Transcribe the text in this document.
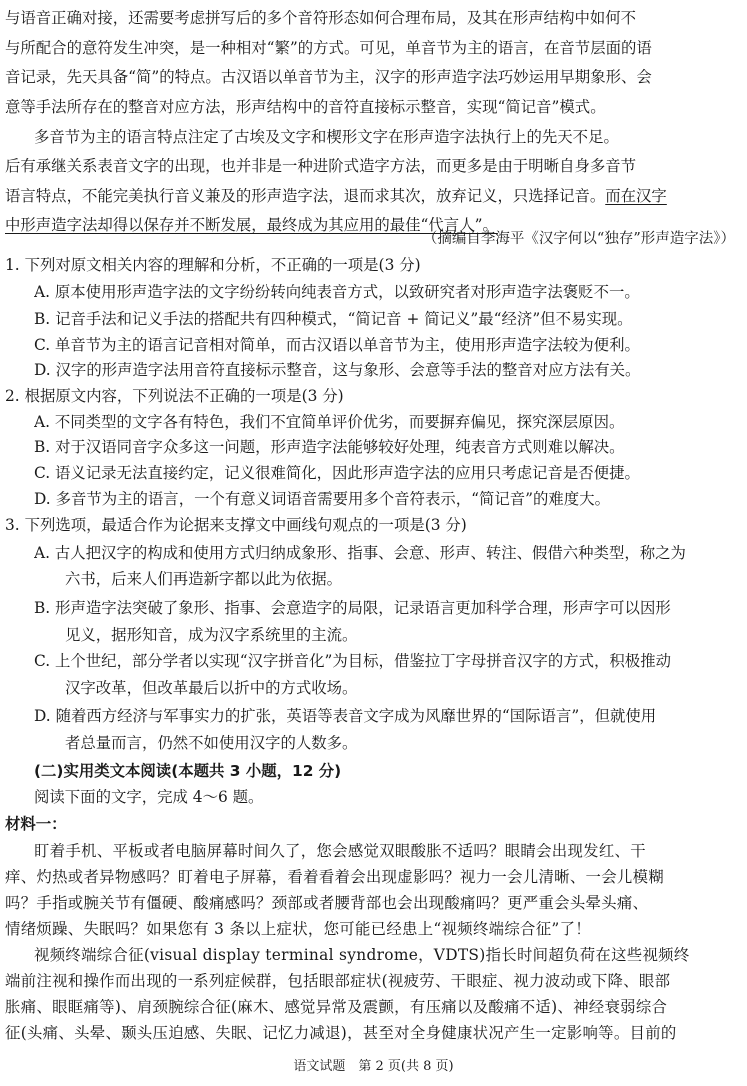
与语音正确对接，还需要考虑拼写后的多个音符形态如何合理布局，及其在形声结构中如何不
与所配合的意符发生冲突，是一种相对“繁”的方式。可见，单音节为主的语言，在音节层面的语
音记录，先天具备“简”的特点。古汉语以单音节为主，汉字的形声造字法巧妙运用早期象形、会
意等手法所存在的整音对应方法，形声结构中的音符直接标示整音，实现“简记音”模式。
多音节为主的语言特点注定了古埃及文字和楔形文字在形声造字法执行上的先天不足。
后有承继关系表音文字的出现，也并非是一种进阶式造字方法，而更多是由于明晰自身多音节
语言特点，不能完美执行音义兼及的形声造字法，退而求其次，放弃记义，只选择记音。而在汉字
中形声造字法却得以保存并不断发展，最终成为其应用的最佳“代言人”。
（摘编自李海平《汉字何以“独存”形声造字法》）
1. 下列对原文相关内容的理解和分析，不正确的一项是(3 分)
A. 原本使用形声造字法的文字纷纷转向纯表音方式，以致研究者对形声造字法褒贬不一。
B. 记音手法和记义手法的搭配共有四种模式，“简记音 + 简记义”最“经济”但不易实现。
C. 单音节为主的语言记音相对简单，而古汉语以单音节为主，使用形声造字法较为便利。
D. 汉字的形声造字法用音符直接标示整音，这与象形、会意等手法的整音对应方法有关。
2. 根据原文内容，下列说法不正确的一项是(3 分)
A. 不同类型的文字各有特色，我们不宜简单评价优劣，而要摒弃偏见，探究深层原因。
B. 对于汉语同音字众多这一问题，形声造字法能够较好处理，纯表音方式则难以解决。
C. 语义记录无法直接约定，记义很难简化，因此形声造字法的应用只考虑记音是否便捷。
D. 多音节为主的语言，一个有意义词语音需要用多个音符表示，“简记音”的难度大。
3. 下列选项，最适合作为论据来支撑文中画线句观点的一项是(3 分)
A. 古人把汉字的构成和使用方式归纳成象形、指事、会意、形声、转注、假借六种类型，称之为
六书，后来人们再造新字都以此为依据。
B. 形声造字法突破了象形、指事、会意造字的局限，记录语言更加科学合理，形声字可以因形
见义，据形知音，成为汉字系统里的主流。
C. 上个世纪，部分学者以实现“汉字拼音化”为目标，借鉴拉丁字母拼音汉字的方式，积极推动
汉字改革，但改革最后以折中的方式收场。
D. 随着西方经济与军事实力的扩张，英语等表音文字成为风靡世界的“国际语言”，但就使用
者总量而言，仍然不如使用汉字的人数多。
(二)实用类文本阅读(本题共 3 小题，12 分)
阅读下面的文字，完成 4～6 题。
材料一：
盯着手机、平板或者电脑屏幕时间久了，您会感觉双眼酸胀不适吗？眼睛会出现发红、干
痒、灼热或者异物感吗？盯着电子屏幕，看着看着会出现虚影吗？视力一会儿清晰、一会儿模糊
吗？手指或腕关节有僵硬、酸痛感吗？颈部或者腰背部也会出现酸痛吗？更严重会头晕头痛、
情绪烦躁、失眠吗？如果您有 3 条以上症状，您可能已经患上“视频终端综合征”了！
视频终端综合征(visual display terminal syndrome，VDTS)指长时间超负荷在这些视频终
端前注视和操作而出现的一系列症候群，包括眼部症状(视疲劳、干眼症、视力波动或下降、眼部
胀痛、眼眶痛等)、肩颈腕综合征(麻木、感觉异常及震颤，有压痛以及酸痛不适)、神经衰弱综合
征(头痛、头晕、颞头压迫感、失眠、记忆力减退)，甚至对全身健康状况产生一定影响等。目前的
语文试题　第 2 页(共 8 页)
